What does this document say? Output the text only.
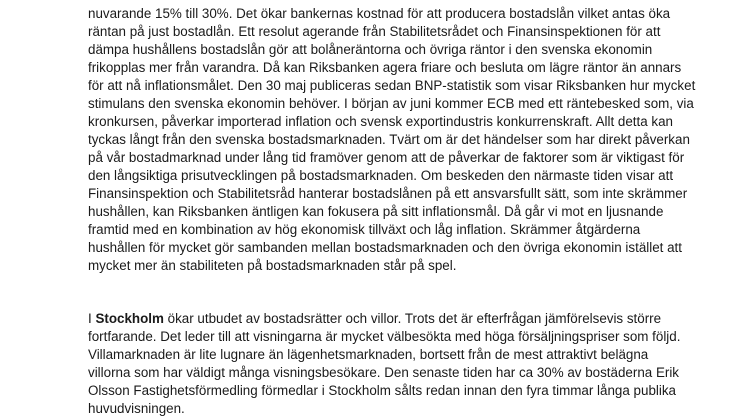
nuvarande 15% till 30%. Det ökar bankernas kostnad för att producera bostadslån vilket antas öka
räntan på just bostadlån. Ett resolut agerande från Stabilitetsrådet och Finansinspektionen för att
dämpa hushållens bostadslån gör att bolåneräntorna och övriga räntor i den svenska ekonomin
frikopplas mer från varandra. Då kan Riksbanken agera friare och besluta om lägre räntor än annars
för att nå inflationsmålet. Den 30 maj publiceras sedan BNP-statistik som visar Riksbanken hur mycket
stimulans den svenska ekonomin behöver. I början av juni kommer ECB med ett räntebesked som, via
kronkursen, påverkar importerad inflation och svensk exportindustris konkurrenskraft. Allt detta kan
tyckas långt från den svenska bostadsmarknaden. Tvärt om är det händelser som har direkt påverkan
på vår bostadmarknad under lång tid framöver genom att de påverkar de faktorer som är viktigast för
den långsiktiga prisutvecklingen på bostadsmarknaden. Om beskeden den närmaste tiden visar att
Finansinspektion och Stabilitetsråd hanterar bostadslånen på ett ansvarsfullt sätt, som inte skrämmer
hushållen, kan Riksbanken äntligen kan fokusera på sitt inflationsmål. Då går vi mot en ljusnande
framtid med en kombination av hög ekonomisk tillväxt och låg inflation. Skrämmer åtgärderna
hushållen för mycket gör sambanden mellan bostadsmarknaden och den övriga ekonomin istället att
mycket mer än stabiliteten på bostadsmarknaden står på spel.
I Stockholm ökar utbudet av bostadsrätter och villor. Trots det är efterfrågan jämförelsevis större
fortfarande. Det leder till att visningarna är mycket välbesökta med höga försäljningspriser som följd.
Villamarknaden är lite lugnare än lägenhetsmarknaden, bortsett från de mest attraktivt belägna
villorna som har väldigt många visningsbesökare. Den senaste tiden har ca 30% av bostäderna Erik
Olsson Fastighetsförmedling förmedlar i Stockholm sålts redan innan den fyra timmar långa publika
huvudvisningen.
